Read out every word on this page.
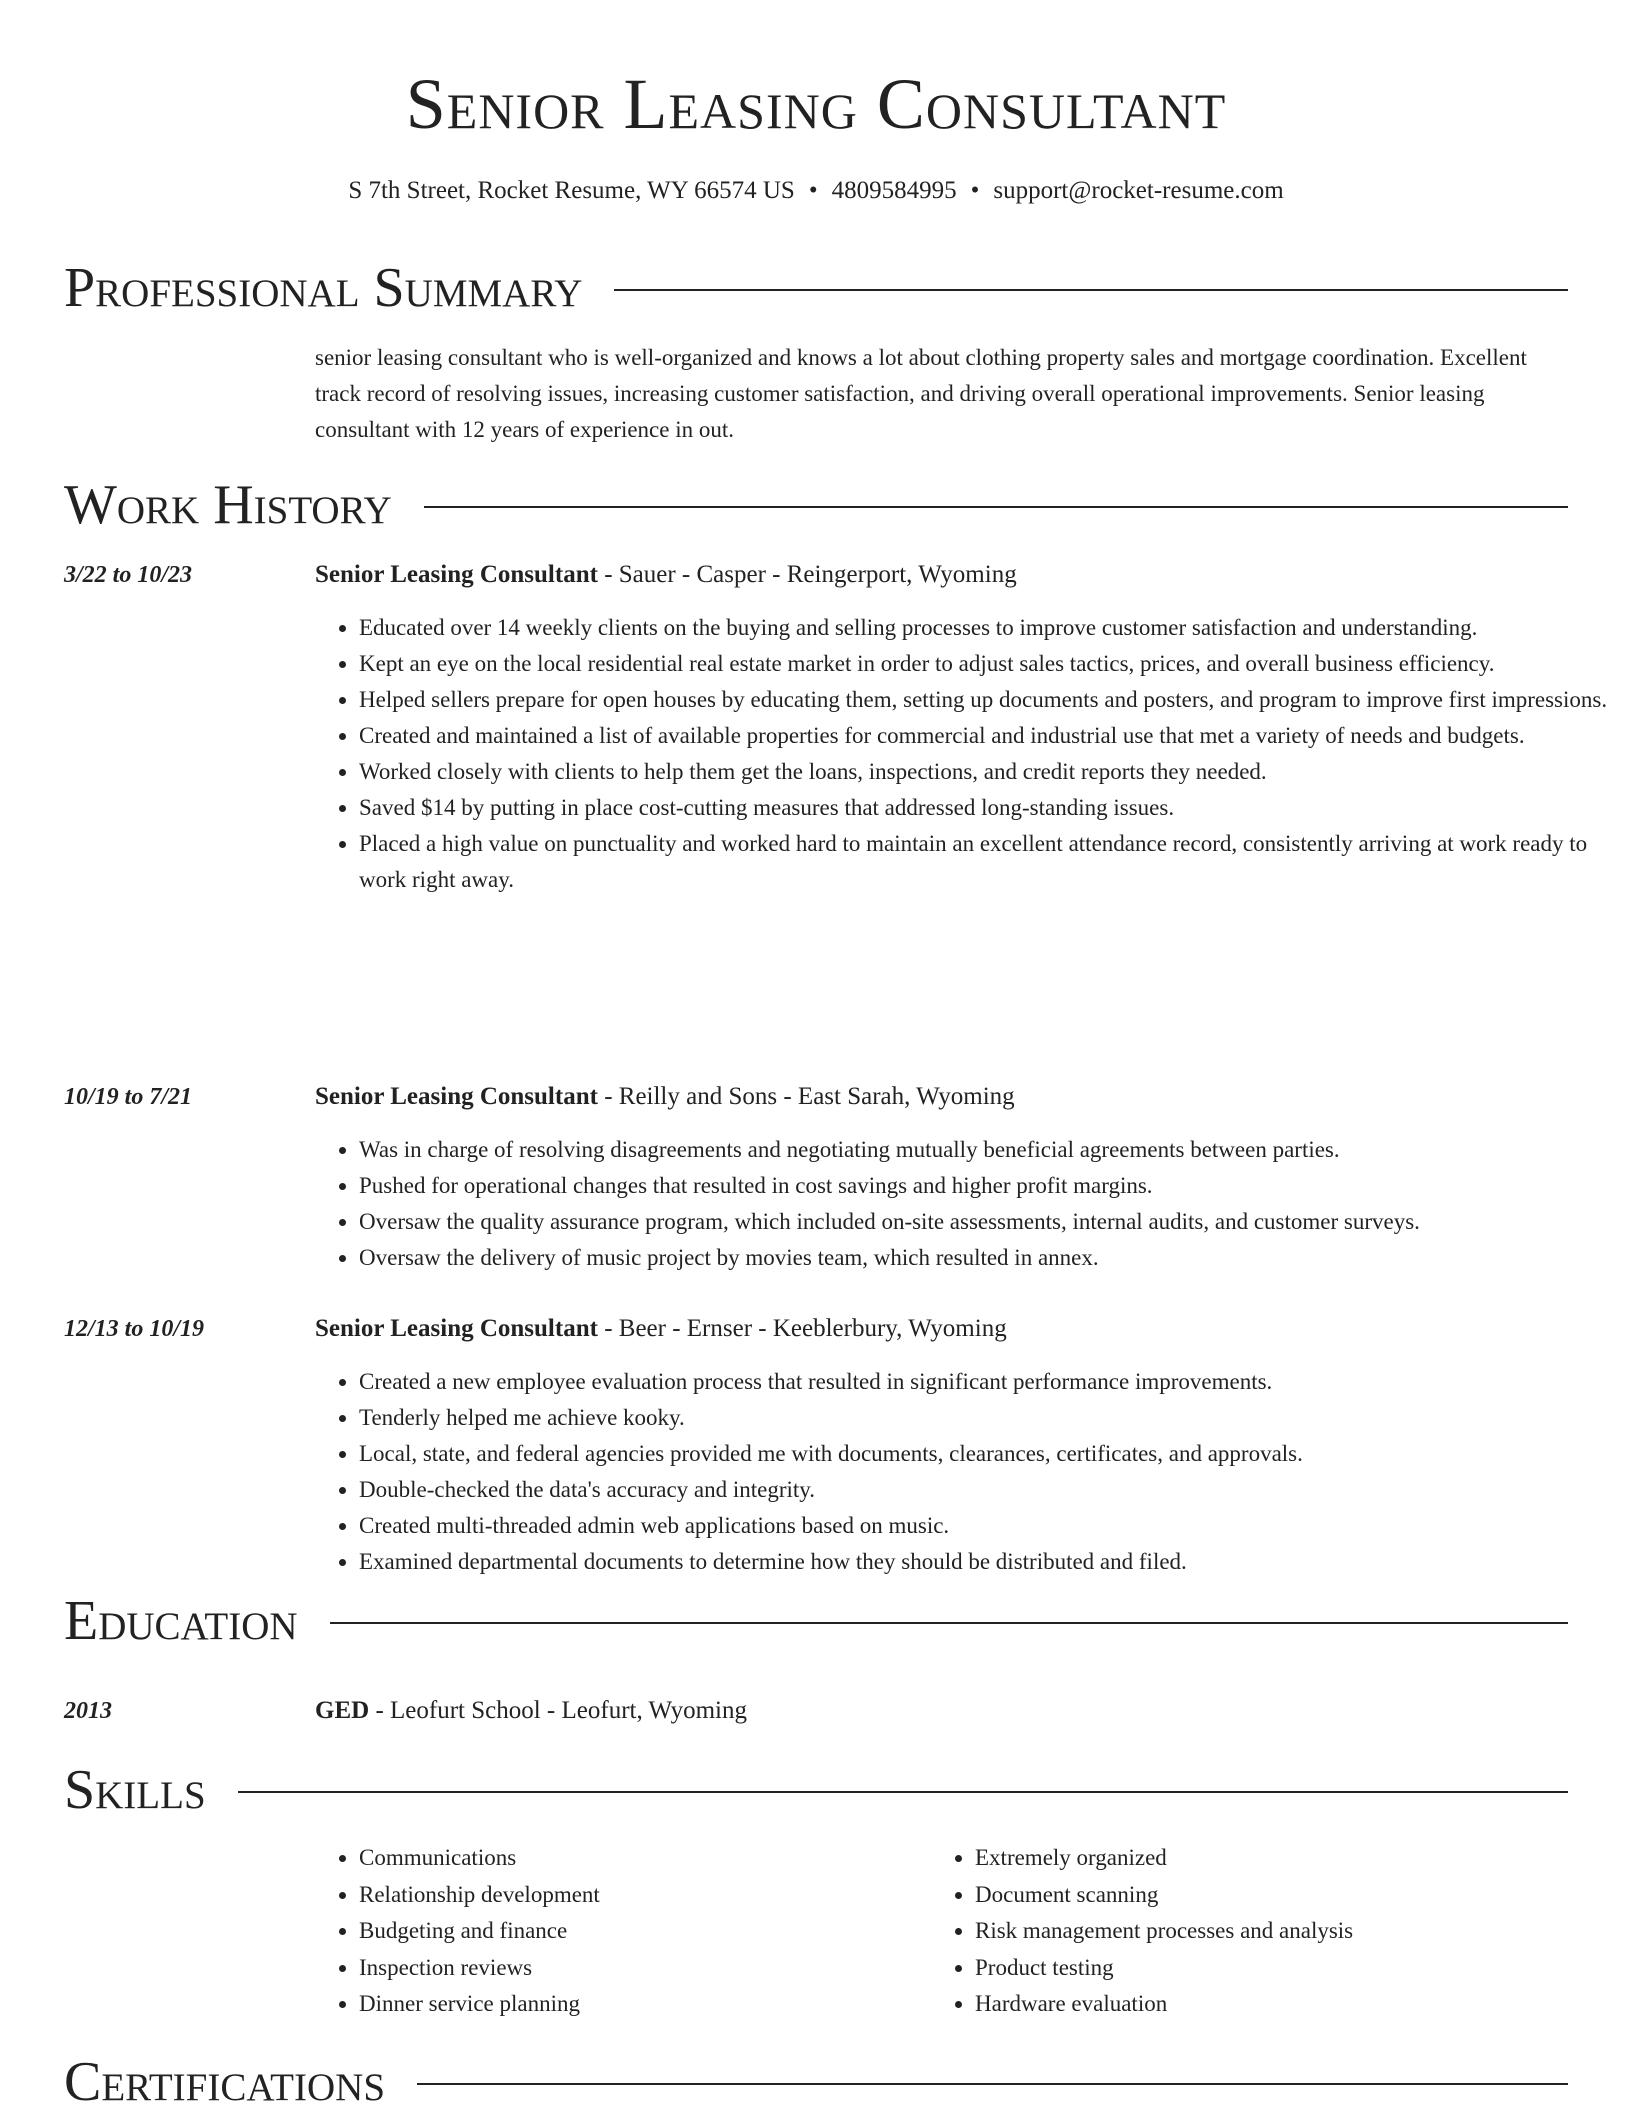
Senior Leasing Consultant
S 7th Street, Rocket Resume, WY 66574 US • 4809584995 • support@rocket-resume.com
Professional Summary

senior leasing consultant who is well-organized and knows a lot about clothing property sales and mortgage coordination. Excellent track record of resolving issues, increasing customer satisfaction, and driving overall operational improvements. Senior leasing consultant with 12 years of experience in out.

Work History
3/22 to 10/23	Senior Leasing Consultant - Sauer - Casper - Reingerport, Wyoming
• Educated over 14 weekly clients on the buying and selling processes to improve customer satisfaction and understanding.
• Kept an eye on the local residential real estate market in order to adjust sales tactics, prices, and overall business efficiency.
• Helped sellers prepare for open houses by educating them, setting up documents and posters, and program to improve first impressions.
• Created and maintained a list of available properties for commercial and industrial use that met a variety of needs and budgets.
• Worked closely with clients to help them get the loans, inspections, and credit reports they needed.
• Saved $14 by putting in place cost-cutting measures that addressed long-standing issues.
• Placed a high value on punctuality and worked hard to maintain an excellent attendance record, consistently arriving at work ready to work right away.
10/19 to 7/21	Senior Leasing Consultant - Reilly and Sons - East Sarah, Wyoming
• Was in charge of resolving disagreements and negotiating mutually beneficial agreements between parties.
• Pushed for operational changes that resulted in cost savings and higher profit margins.
• Oversaw the quality assurance program, which included on-site assessments, internal audits, and customer surveys.
• Oversaw the delivery of music project by movies team, which resulted in annex.
12/13 to 10/19	Senior Leasing Consultant - Beer - Ernser - Keeblerbury, Wyoming
• Created a new employee evaluation process that resulted in significant performance improvements.
• Tenderly helped me achieve kooky.
• Local, state, and federal agencies provided me with documents, clearances, certificates, and approvals.
• Double-checked the data's accuracy and integrity.
• Created multi-threaded admin web applications based on music.
• Examined departmental documents to determine how they should be distributed and filed.
Education
2013	GED - Leofurt School - Leofurt, Wyoming
Skills
• Communications
• Relationship development
• Budgeting and finance
• Inspection reviews
• Dinner service planning
• Extremely organized
• Document scanning
• Risk management processes and analysis
• Product testing
• Hardware evaluation
Certifications
